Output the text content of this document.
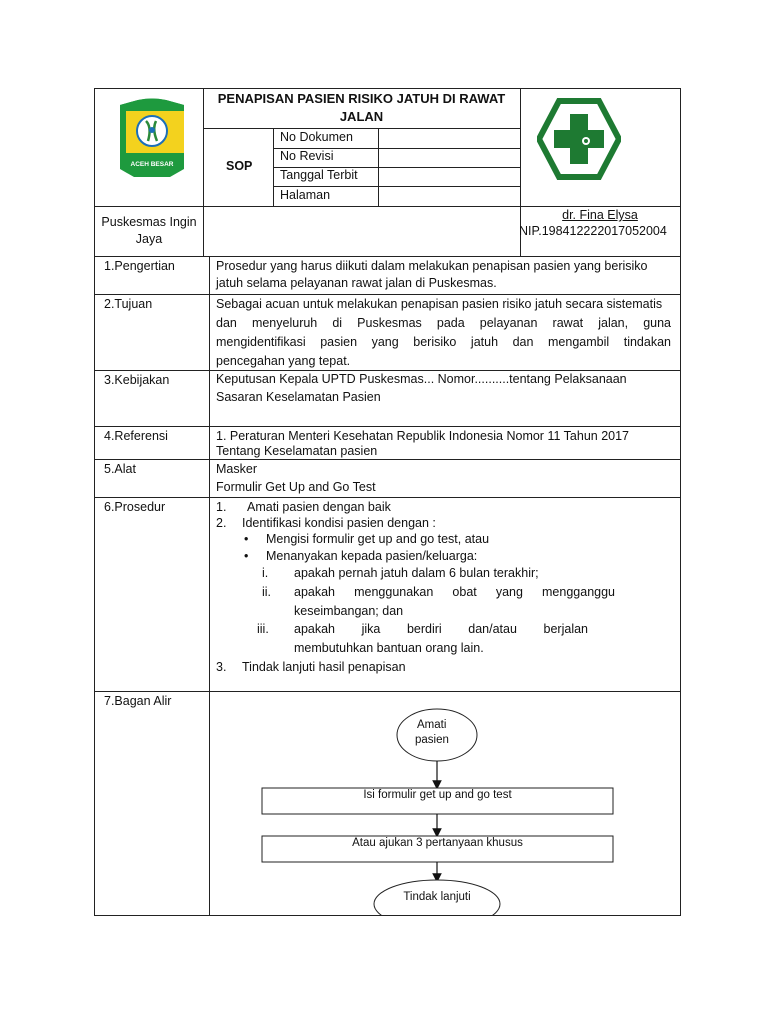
ACEH BESAR
PENAPISAN PASIEN RISIKO JATUH DI RAWAT
JALAN
SOP
No Dokumen
No Revisi
Tanggal Terbit
Halaman
Puskesmas Ingin
Jaya
dr. Fina Elysa
NIP.198412222017052004
1.Pengertian	Prosedur yang harus diikuti dalam melakukan penapisan pasien yang berisiko
jatuh selama pelayanan rawat jalan di Puskesmas.
2.Tujuan	Sebagai acuan untuk melakukan penapisan pasien risiko jatuh secara sistematis
dan menyeluruh di Puskesmas pada pelayanan rawat jalan, guna
mengidentifikasi pasien yang berisiko jatuh dan mengambil tindakan
pencegahan yang tepat.
3.Kebijakan	Keputusan Kepala UPTD Puskesmas... Nomor..........tentang Pelaksanaan
Sasaran Keselamatan Pasien
4.Referensi	1. Peraturan Menteri Kesehatan Republik Indonesia Nomor 11 Tahun 2017
Tentang Keselamatan pasien
5.Alat	Masker
Formulir Get Up and Go Test
6.Prosedur	1. Amati pasien dengan baik
2. Identifikasi kondisi pasien dengan :
• Mengisi formulir get up and go test, atau
• Menanyakan kepada pasien/keluarga:
i. apakah pernah jatuh dalam 6 bulan terakhir;
ii. apakah menggunakan obat yang mengganggu
keseimbangan; dan
iii. apakah jika berdiri dan/atau berjalan
membutuhkan bantuan orang lain.
3. Tindak lanjuti hasil penapisan
7.Bagan Alir
Amati
pasien
Isi formulir get up and go test
Atau ajukan 3 pertanyaan khusus
Tindak lanjuti
